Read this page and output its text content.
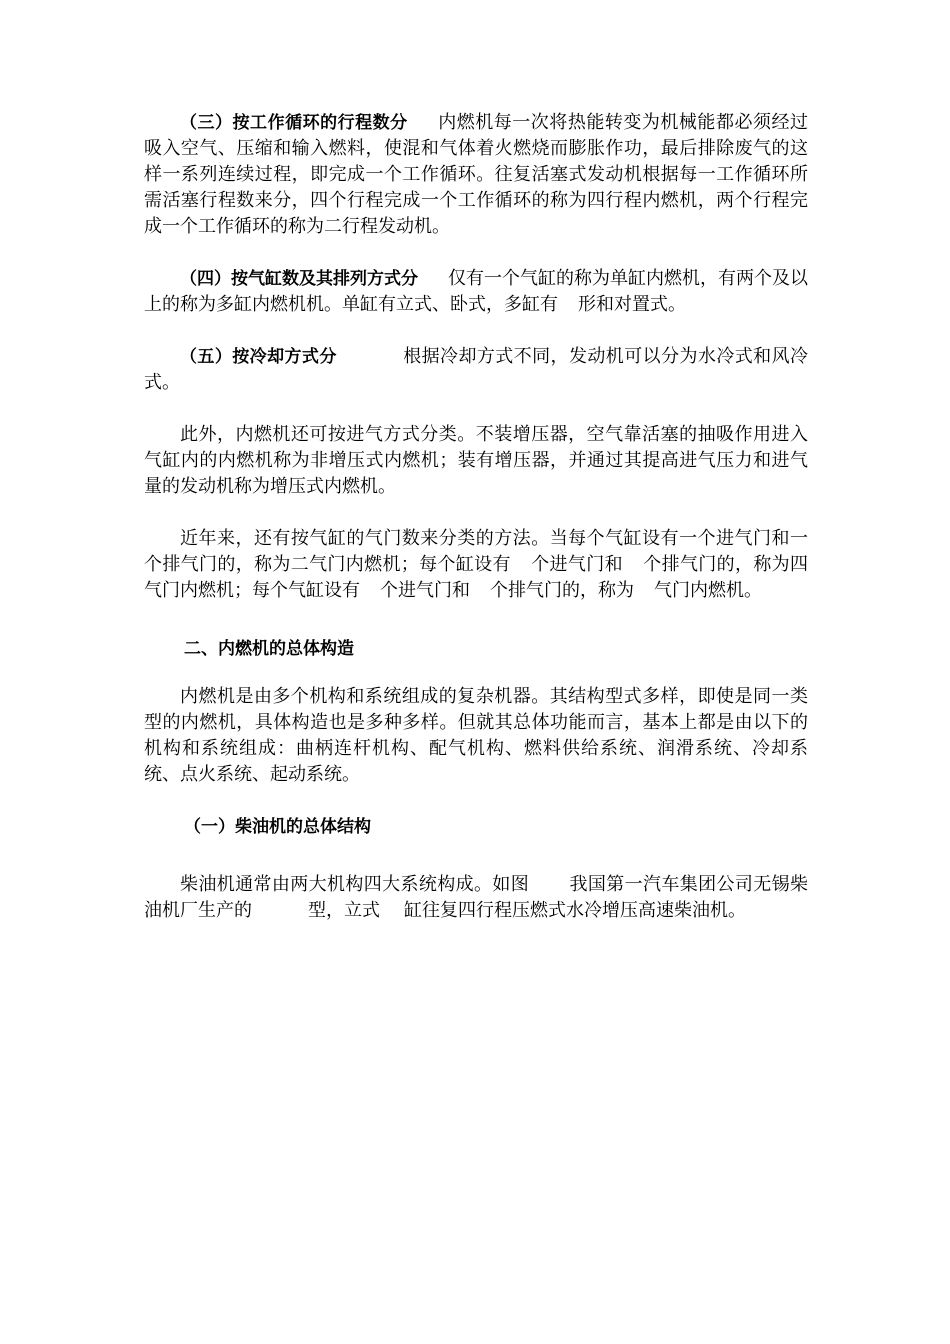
（三）按工作循环的行程数分 内燃机每一次将热能转变为机械能都必须经过吸入空气、压缩和输入燃料，使混和气体着火燃烧而膨胀作功，最后排除废气的这样一系列连续过程，即完成一个工作循环。往复活塞式发动机根据每一工作循环所需活塞行程数来分，四个行程完成一个工作循环的称为四行程内燃机，两个行程完成一个工作循环的称为二行程发动机。

（四）按气缸数及其排列方式分 仅有一个气缸的称为单缸内燃机，有两个及以上的称为多缸内燃机机。单缸有立式、卧式，多缸有 形和对置式。

（五）按冷却方式分	根据冷却方式不同，发动机可以分为水冷式和风冷式。

此外，内燃机还可按进气方式分类。不装增压器，空气靠活塞的抽吸作用进入气缸内的内燃机称为非增压式内燃机；装有增压器，并通过其提高进气压力和进气量的发动机称为增压式内燃机。

近年来，还有按气缸的气门数来分类的方法。当每个气缸设有一个进气门和一个排气门的，称为二气门内燃机；每个缸设有 个进气门和 个排气门的，称为四气门内燃机；每个气缸设有 个进气门和 个排气门的，称为 气门内燃机。

二、内燃机的总体构造

内燃机是由多个机构和系统组成的复杂机器。其结构型式多样，即使是同一类型的内燃机，具体构造也是多种多样。但就其总体功能而言，基本上都是由以下的机构和系统组成：曲柄连杆机构、配气机构、燃料供给系统、润滑系统、冷却系统、点火系统、起动系统。

（一）柴油机的总体结构

柴油机通常由两大机构四大系统构成。如图 我国第一汽车集团公司无锡柴油机厂生产的	型，立式 缸往复四行程压燃式水冷增压高速柴油机。
